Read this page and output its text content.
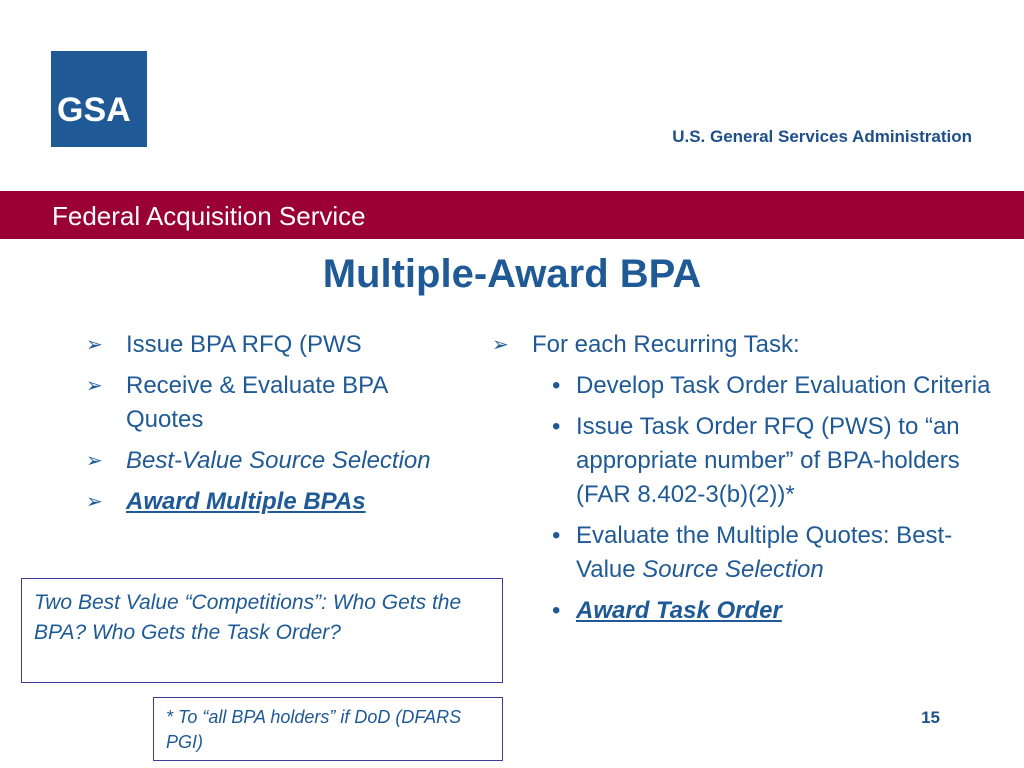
GSA
U.S. General Services Administration
Federal Acquisition Service
Multiple-Award BPA
➢ Issue BPA RFQ (PWS
➢ Receive & Evaluate BPA Quotes
➢ Best-Value Source Selection
➢ Award Multiple BPAs
➢ For each Recurring Task:
• Develop Task Order Evaluation Criteria
• Issue Task Order RFQ (PWS) to “an appropriate number” of BPA-holders (FAR 8.402-3(b)(2))*
• Evaluate the Multiple Quotes: Best-Value Source Selection
• Award Task Order
Two Best Value “Competitions”: Who Gets the BPA? Who Gets the Task Order?
* To “all BPA holders” if DoD (DFARS PGI)
15
